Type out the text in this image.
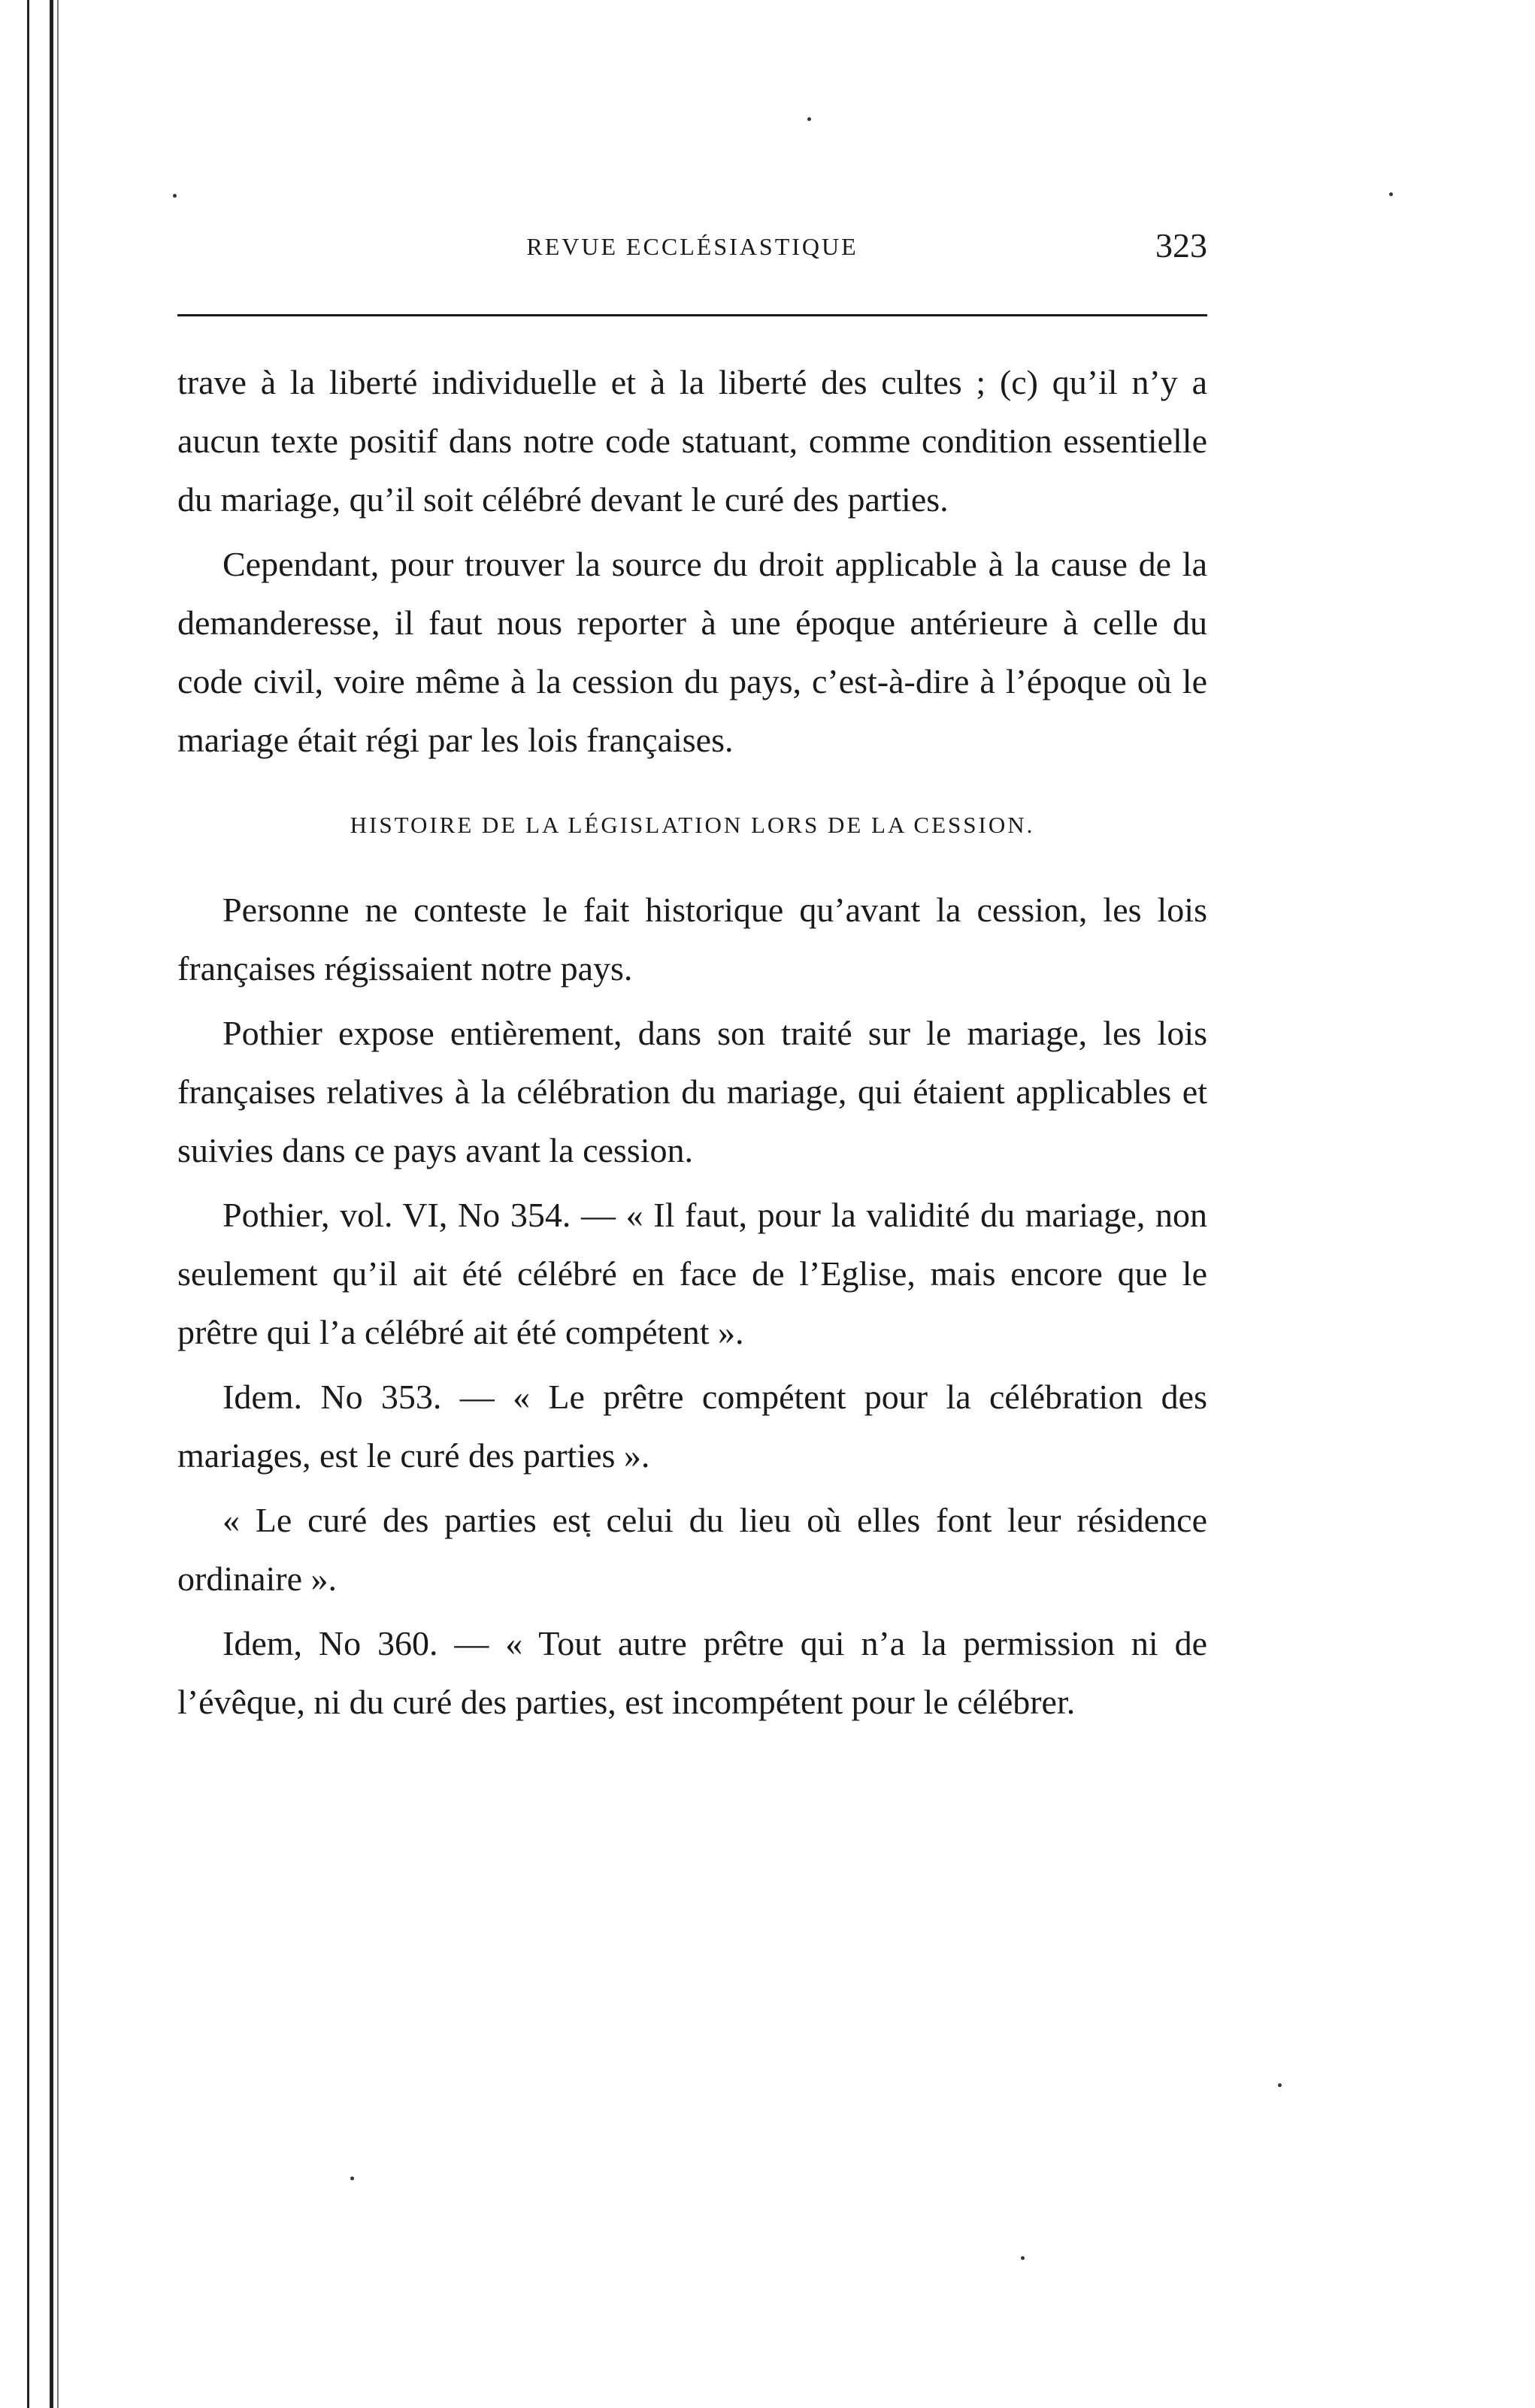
REVUE ECCLÉSIASTIQUE	323

trave à la liberté individuelle et à la liberté des cultes ; (c) qu’il n’y a aucun texte positif dans notre code statuant, comme condition essentielle du mariage, qu’il soit célébré devant le curé des parties.

Cependant, pour trouver la source du droit applicable à la cause de la demanderesse, il faut nous reporter à une époque antérieure à celle du code civil, voire même à la cession du pays, c’est-à-dire à l’époque où le mariage était régi par les lois françaises.

HISTOIRE DE LA LÉGISLATION LORS DE LA CESSION.

Personne ne conteste le fait historique qu’avant la cession, les lois françaises régissaient notre pays.

Pothier expose entièrement, dans son traité sur le mariage, les lois françaises relatives à la célébration du mariage, qui étaient applicables et suivies dans ce pays avant la cession.

Pothier, vol. VI, No 354. — « Il faut, pour la validité du mariage, non seulement qu’il ait été célébré en face de l’Eglise, mais encore que le prêtre qui l’a célébré ait été compétent ».

Idem. No 353. — « Le prêtre compétent pour la célébration des mariages, est le curé des parties ».

« Le curé des parties est celui du lieu où elles font leur résidence ordinaire ».

Idem, No 360. — « Tout autre prêtre qui n’a la permission ni de l’évêque, ni du curé des parties, est incompétent pour le célébrer.
